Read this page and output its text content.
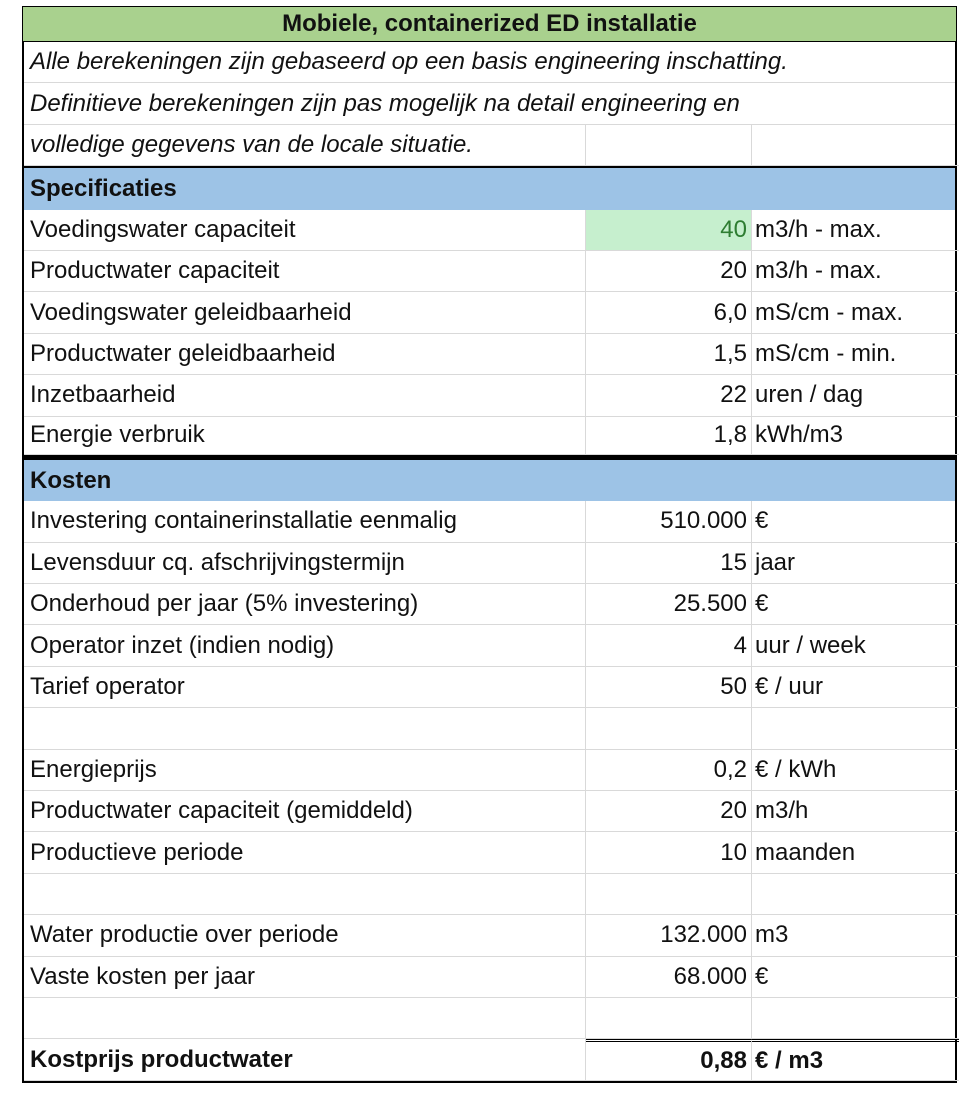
Mobiele, containerized ED installatie
Alle berekeningen zijn gebaseerd op een basis engineering inschatting.
Definitieve berekeningen zijn pas mogelijk na detail engineering en
volledige gegevens van de locale situatie.
Specificaties
Voedingswater capaciteit	40 m3/h - max.
Productwater capaciteit	20 m3/h - max.
Voedingswater geleidbaarheid	6,0 mS/cm - max.
Productwater geleidbaarheid	1,5 mS/cm - min.
Inzetbaarheid	22 uren / dag
Energie verbruik	1,8 kWh/m3
Kosten
Investering containerinstallatie eenmalig	510.000 €
Levensduur cq. afschrijvingstermijn	15 jaar
Onderhoud per jaar (5% investering)	25.500 €
Operator inzet (indien nodig)	4 uur / week
Tarief operator	50 € / uur
Energieprijs	0,2 € / kWh
Productwater capaciteit (gemiddeld)	20 m3/h
Productieve periode	10 maanden
Water productie over periode	132.000 m3
Vaste kosten per jaar	68.000 €
Kostprijs productwater	0,88 € / m3
